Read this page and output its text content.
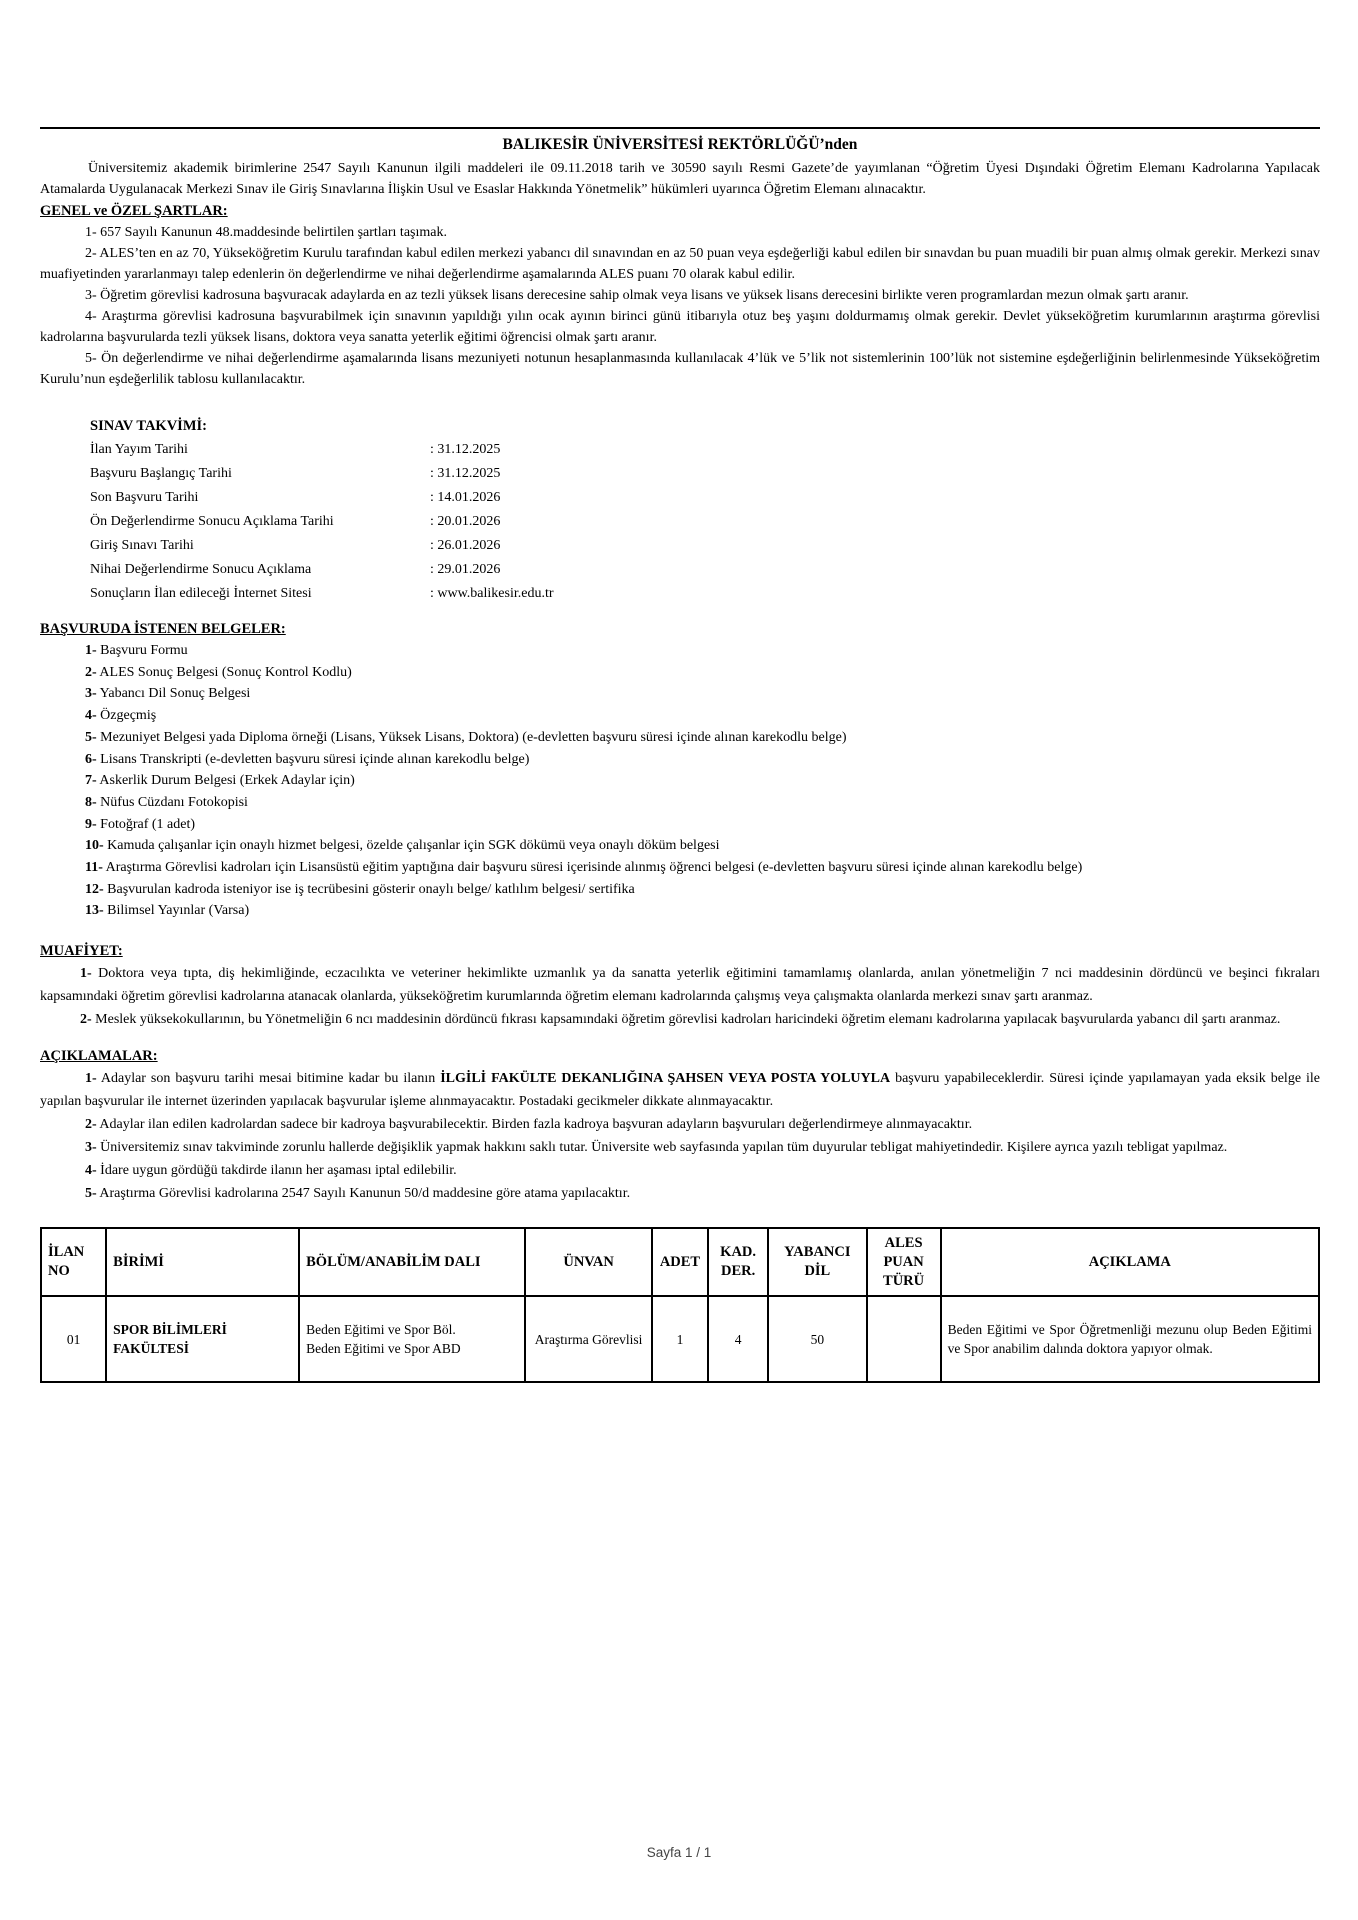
BALIKESİR ÜNİVERSİTESİ REKTÖRLÜĞÜ’nden

Üniversitemiz akademik birimlerine 2547 Sayılı Kanunun ilgili maddeleri ile 09.11.2018 tarih ve 30590 sayılı Resmi Gazete’de yayımlanan “Öğretim Üyesi Dışındaki Öğretim Elemanı Kadrolarına Yapılacak Atamalarda Uygulanacak Merkezi Sınav ile Giriş Sınavlarına İlişkin Usul ve Esaslar Hakkında Yönetmelik” hükümleri uyarınca Öğretim Elemanı alınacaktır.

GENEL ve ÖZEL ŞARTLAR:

1- 657 Sayılı Kanunun 48.maddesinde belirtilen şartları taşımak.

2- ALES’ten en az 70, Yükseköğretim Kurulu tarafından kabul edilen merkezi yabancı dil sınavından en az 50 puan veya eşdeğerliği kabul edilen bir sınavdan bu puan muadili bir puan almış olmak gerekir. Merkezi sınav muafiyetinden yararlanmayı talep edenlerin ön değerlendirme ve nihai değerlendirme aşamalarında ALES puanı 70 olarak kabul edilir.

3- Öğretim görevlisi kadrosuna başvuracak adaylarda en az tezli yüksek lisans derecesine sahip olmak veya lisans ve yüksek lisans derecesini birlikte veren programlardan mezun olmak şartı aranır.

4- Araştırma görevlisi kadrosuna başvurabilmek için sınavının yapıldığı yılın ocak ayının birinci günü itibarıyla otuz beş yaşını doldurmamış olmak gerekir. Devlet yükseköğretim kurumlarının araştırma görevlisi kadrolarına başvurularda tezli yüksek lisans, doktora veya sanatta yeterlik eğitimi öğrencisi olmak şartı aranır.

5- Ön değerlendirme ve nihai değerlendirme aşamalarında lisans mezuniyeti notunun hesaplanmasında kullanılacak 4’lük ve 5’lik not sistemlerinin 100’lük not sistemine eşdeğerliğinin belirlenmesinde Yükseköğretim Kurulu’nun eşdeğerlilik tablosu kullanılacaktır.

SINAV TAKVİMİ:
İlan Yayım Tarihi	: 31.12.2025
Başvuru Başlangıç Tarihi	: 31.12.2025
Son Başvuru Tarihi	: 14.01.2026
Ön Değerlendirme Sonucu Açıklama Tarihi	: 20.01.2026
Giriş Sınavı Tarihi	: 26.01.2026
Nihai Değerlendirme Sonucu Açıklama	: 29.01.2026
Sonuçların İlan edileceği İnternet Sitesi	: www.balikesir.edu.tr
BAŞVURUDA İSTENEN BELGELER:

1- Başvuru Formu

2- ALES Sonuç Belgesi (Sonuç Kontrol Kodlu)

3- Yabancı Dil Sonuç Belgesi

4- Özgeçmiş

5- Mezuniyet Belgesi yada Diploma örneği (Lisans, Yüksek Lisans, Doktora) (e-devletten başvuru süresi içinde alınan karekodlu belge)

6- Lisans Transkripti (e-devletten başvuru süresi içinde alınan karekodlu belge)

7- Askerlik Durum Belgesi (Erkek Adaylar için)

8- Nüfus Cüzdanı Fotokopisi

9- Fotoğraf (1 adet)

10- Kamuda çalışanlar için onaylı hizmet belgesi, özelde çalışanlar için SGK dökümü veya onaylı döküm belgesi

11- Araştırma Görevlisi kadroları için Lisansüstü eğitim yaptığına dair başvuru süresi içerisinde alınmış öğrenci belgesi (e-devletten başvuru süresi içinde alınan karekodlu belge)

12- Başvurulan kadroda isteniyor ise iş tecrübesini gösterir onaylı belge/ katlılım belgesi/ sertifika

13- Bilimsel Yayınlar (Varsa)

MUAFİYET:

1- Doktora veya tıpta, diş hekimliğinde, eczacılıkta ve veteriner hekimlikte uzmanlık ya da sanatta yeterlik eğitimini tamamlamış olanlarda, anılan yönetmeliğin 7 nci maddesinin dördüncü ve beşinci fıkraları kapsamındaki öğretim görevlisi kadrolarına atanacak olanlarda, yükseköğretim kurumlarında öğretim elemanı kadrolarında çalışmış veya çalışmakta olanlarda merkezi sınav şartı aranmaz.

2- Meslek yüksekokullarının, bu Yönetmeliğin 6 ncı maddesinin dördüncü fıkrası kapsamındaki öğretim görevlisi kadroları haricindeki öğretim elemanı kadrolarına yapılacak başvurularda yabancı dil şartı aranmaz.

AÇIKLAMALAR:

1- Adaylar son başvuru tarihi mesai bitimine kadar bu ilanın İLGİLİ FAKÜLTE DEKANLIĞINA ŞAHSEN VEYA POSTA YOLUYLA başvuru yapabileceklerdir. Süresi içinde yapılamayan yada eksik belge ile yapılan başvurular ile internet üzerinden yapılacak başvurular işleme alınmayacaktır. Postadaki gecikmeler dikkate alınmayacaktır.

2- Adaylar ilan edilen kadrolardan sadece bir kadroya başvurabilecektir. Birden fazla kadroya başvuran adayların başvuruları değerlendirmeye alınmayacaktır.

3- Üniversitemiz sınav takviminde zorunlu hallerde değişiklik yapmak hakkını saklı tutar. Üniversite web sayfasında yapılan tüm duyurular tebligat mahiyetindedir. Kişilere ayrıca yazılı tebligat yapılmaz.

4- İdare uygun gördüğü takdirde ilanın her aşaması iptal edilebilir.

5- Araştırma Görevlisi kadrolarına 2547 Sayılı Kanunun 50/d maddesine göre atama yapılacaktır.

İLAN NO	BİRİMİ	BÖLÜM/ANABİLİM DALI	ÜNVAN	ADET	KAD. DER.	YABANCI DİL	ALES PUAN TÜRÜ	AÇIKLAMA
01	SPOR BİLİMLERİ FAKÜLTESİ	Beden Eğitimi ve Spor Böl.
Beden Eğitimi ve Spor ABD	Araştırma Görevlisi	1	4	50		Beden Eğitimi ve Spor Öğretmenliği mezunu olup Beden Eğitimi ve Spor anabilim dalında doktora yapıyor olmak.
Sayfa 1 / 1
